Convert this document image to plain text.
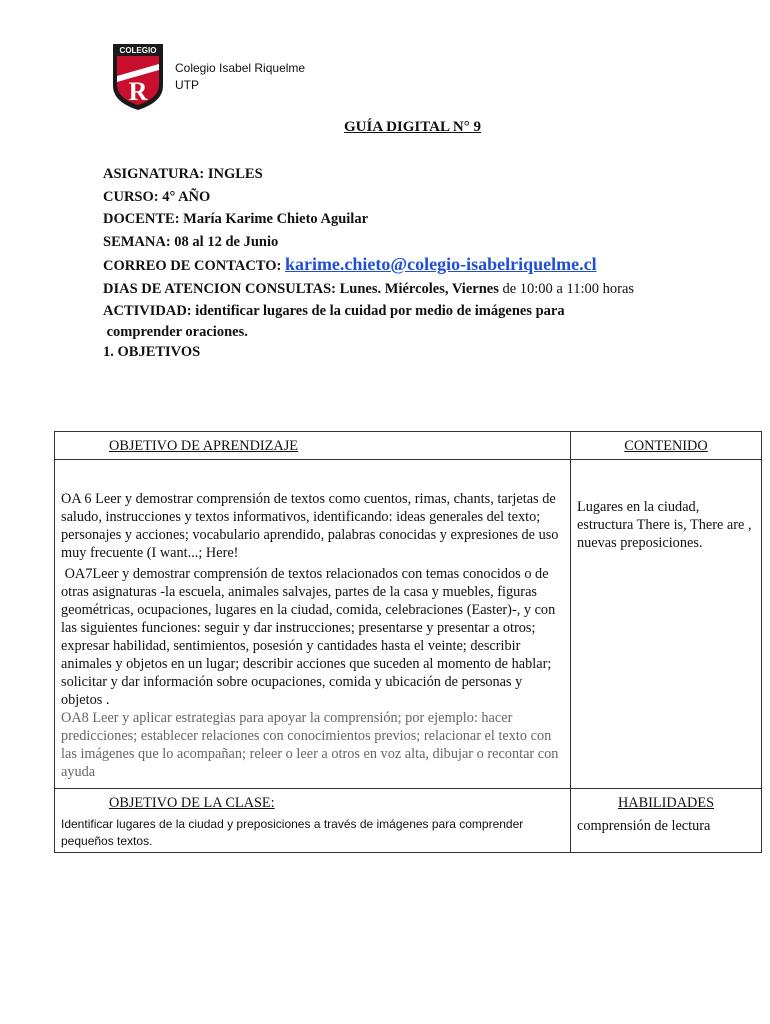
COLEGIO
R
Colegio Isabel Riquelme
UTP
GUÍA DIGITAL N° 9
ASIGNATURA: INGLES
CURSO: 4° AÑO
DOCENTE: María Karime Chieto Aguilar
SEMANA: 08 al 12 de Junio
CORREO DE CONTACTO: karime.chieto@colegio-isabelriquelme.cl
DIAS DE ATENCION CONSULTAS: Lunes. Miércoles, Viernes de 10:00 a 11:00 horas
ACTIVIDAD: identificar lugares de la cuidad por medio de imágenes para
comprender oraciones.
1. OBJETIVOS
OBJETIVO DE APRENDIZAJE	CONTENIDO

OA 6 Leer y demostrar comprensión de textos como cuentos, rimas, chants, tarjetas de saludo, instrucciones y textos informativos, identificando: ideas generales del texto; personajes y acciones; vocabulario aprendido, palabras conocidas y expresiones de uso muy frecuente (I want...; Here!

OA7Leer y demostrar comprensión de textos relacionados con temas conocidos o de otras asignaturas -la escuela, animales salvajes, partes de la casa y muebles, figuras geométricas, ocupaciones, lugares en la ciudad, comida, celebraciones (Easter)-, y con las siguientes funciones: seguir y dar instrucciones; presentarse y presentar a otros; expresar habilidad, sentimientos, posesión y cantidades hasta el veinte; describir animales y objetos en un lugar; describir acciones que suceden al momento de hablar; solicitar y dar información sobre ocupaciones, comida y ubicación de personas y objetos .

OA8 Leer y aplicar estrategias para apoyar la comprensión; por ejemplo: hacer predicciones; establecer relaciones con conocimientos previos; relacionar el texto con las imágenes que lo acompañan; releer o leer a otros en voz alta, dibujar o recontar con ayuda	Lugares en la ciudad, estructura There is, There are , nuevas preposiciones.
OBJETIVO DE LA CLASE:	HABILIDADES
Identificar lugares de la ciudad y preposiciones a través de imágenes para comprender pequeños textos.	comprensión de lectura
